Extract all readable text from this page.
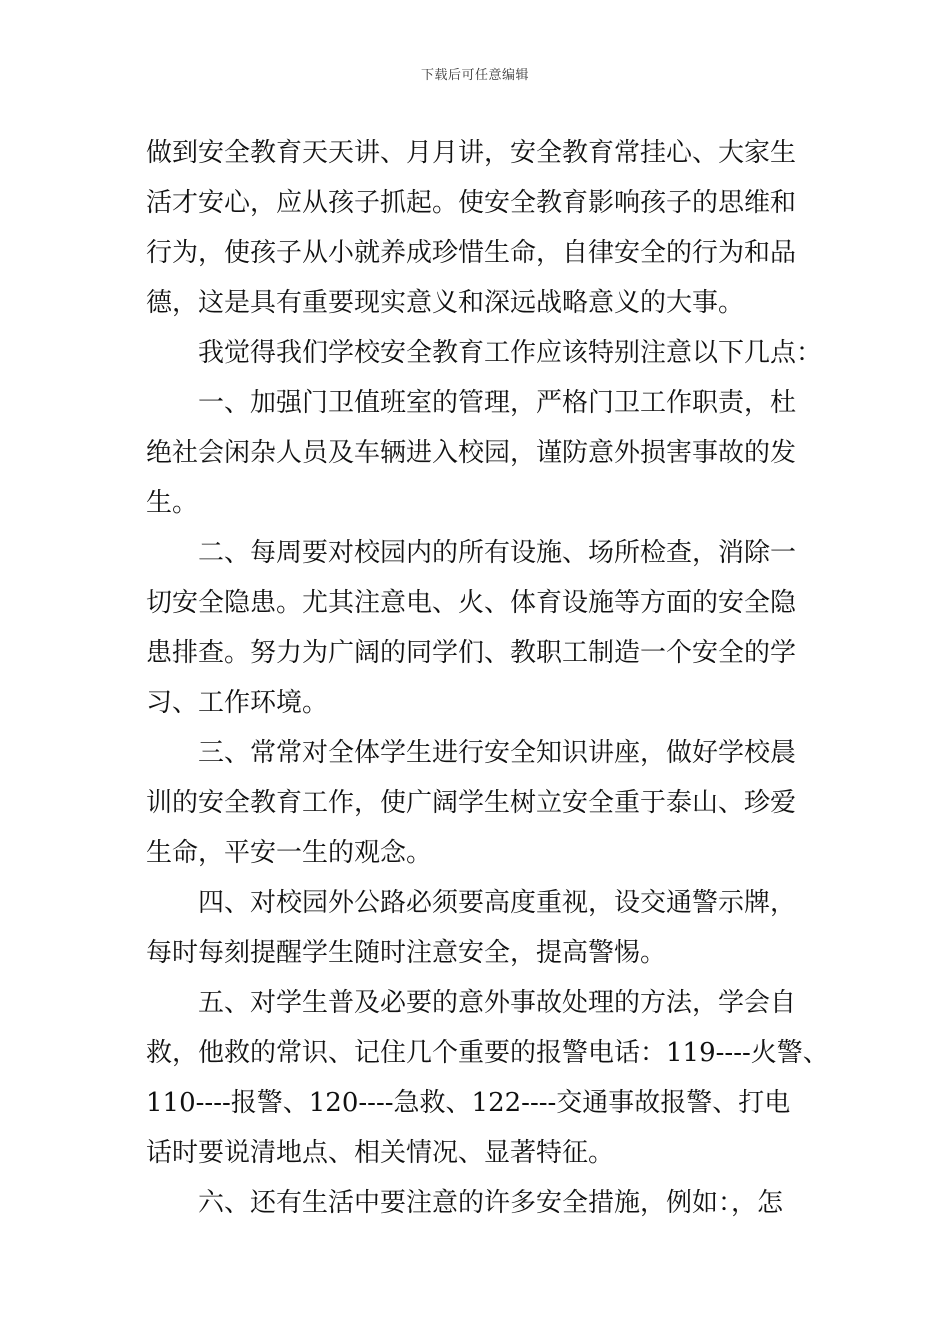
下载后可任意编辑
做到安全教育天天讲、月月讲，安全教育常挂心、大家生
活才安心，应从孩子抓起。使安全教育影响孩子的思维和
行为，使孩子从小就养成珍惜生命，自律安全的行为和品
德，这是具有重要现实意义和深远战略意义的大事。
我觉得我们学校安全教育工作应该特别注意以下几点：
一、加强门卫值班室的管理，严格门卫工作职责，杜
绝社会闲杂人员及车辆进入校园，谨防意外损害事故的发
生。
二、每周要对校园内的所有设施、场所检查，消除一
切安全隐患。尤其注意电、火、体育设施等方面的安全隐
患排查。努力为广阔的同学们、教职工制造一个安全的学
习、工作环境。
三、常常对全体学生进行安全知识讲座，做好学校晨
训的安全教育工作，使广阔学生树立安全重于泰山、珍爱
生命，平安一生的观念。
四、对校园外公路必须要高度重视，设交通警示牌，
每时每刻提醒学生随时注意安全，提高警惕。
五、对学生普及必要的意外事故处理的方法，学会自
救，他救的常识、记住几个重要的报警电话：119----火警、
110----报警、120----急救、122----交通事故报警、打电
话时要说清地点、相关情况、显著特征。
六、还有生活中要注意的许多安全措施，例如：，怎
